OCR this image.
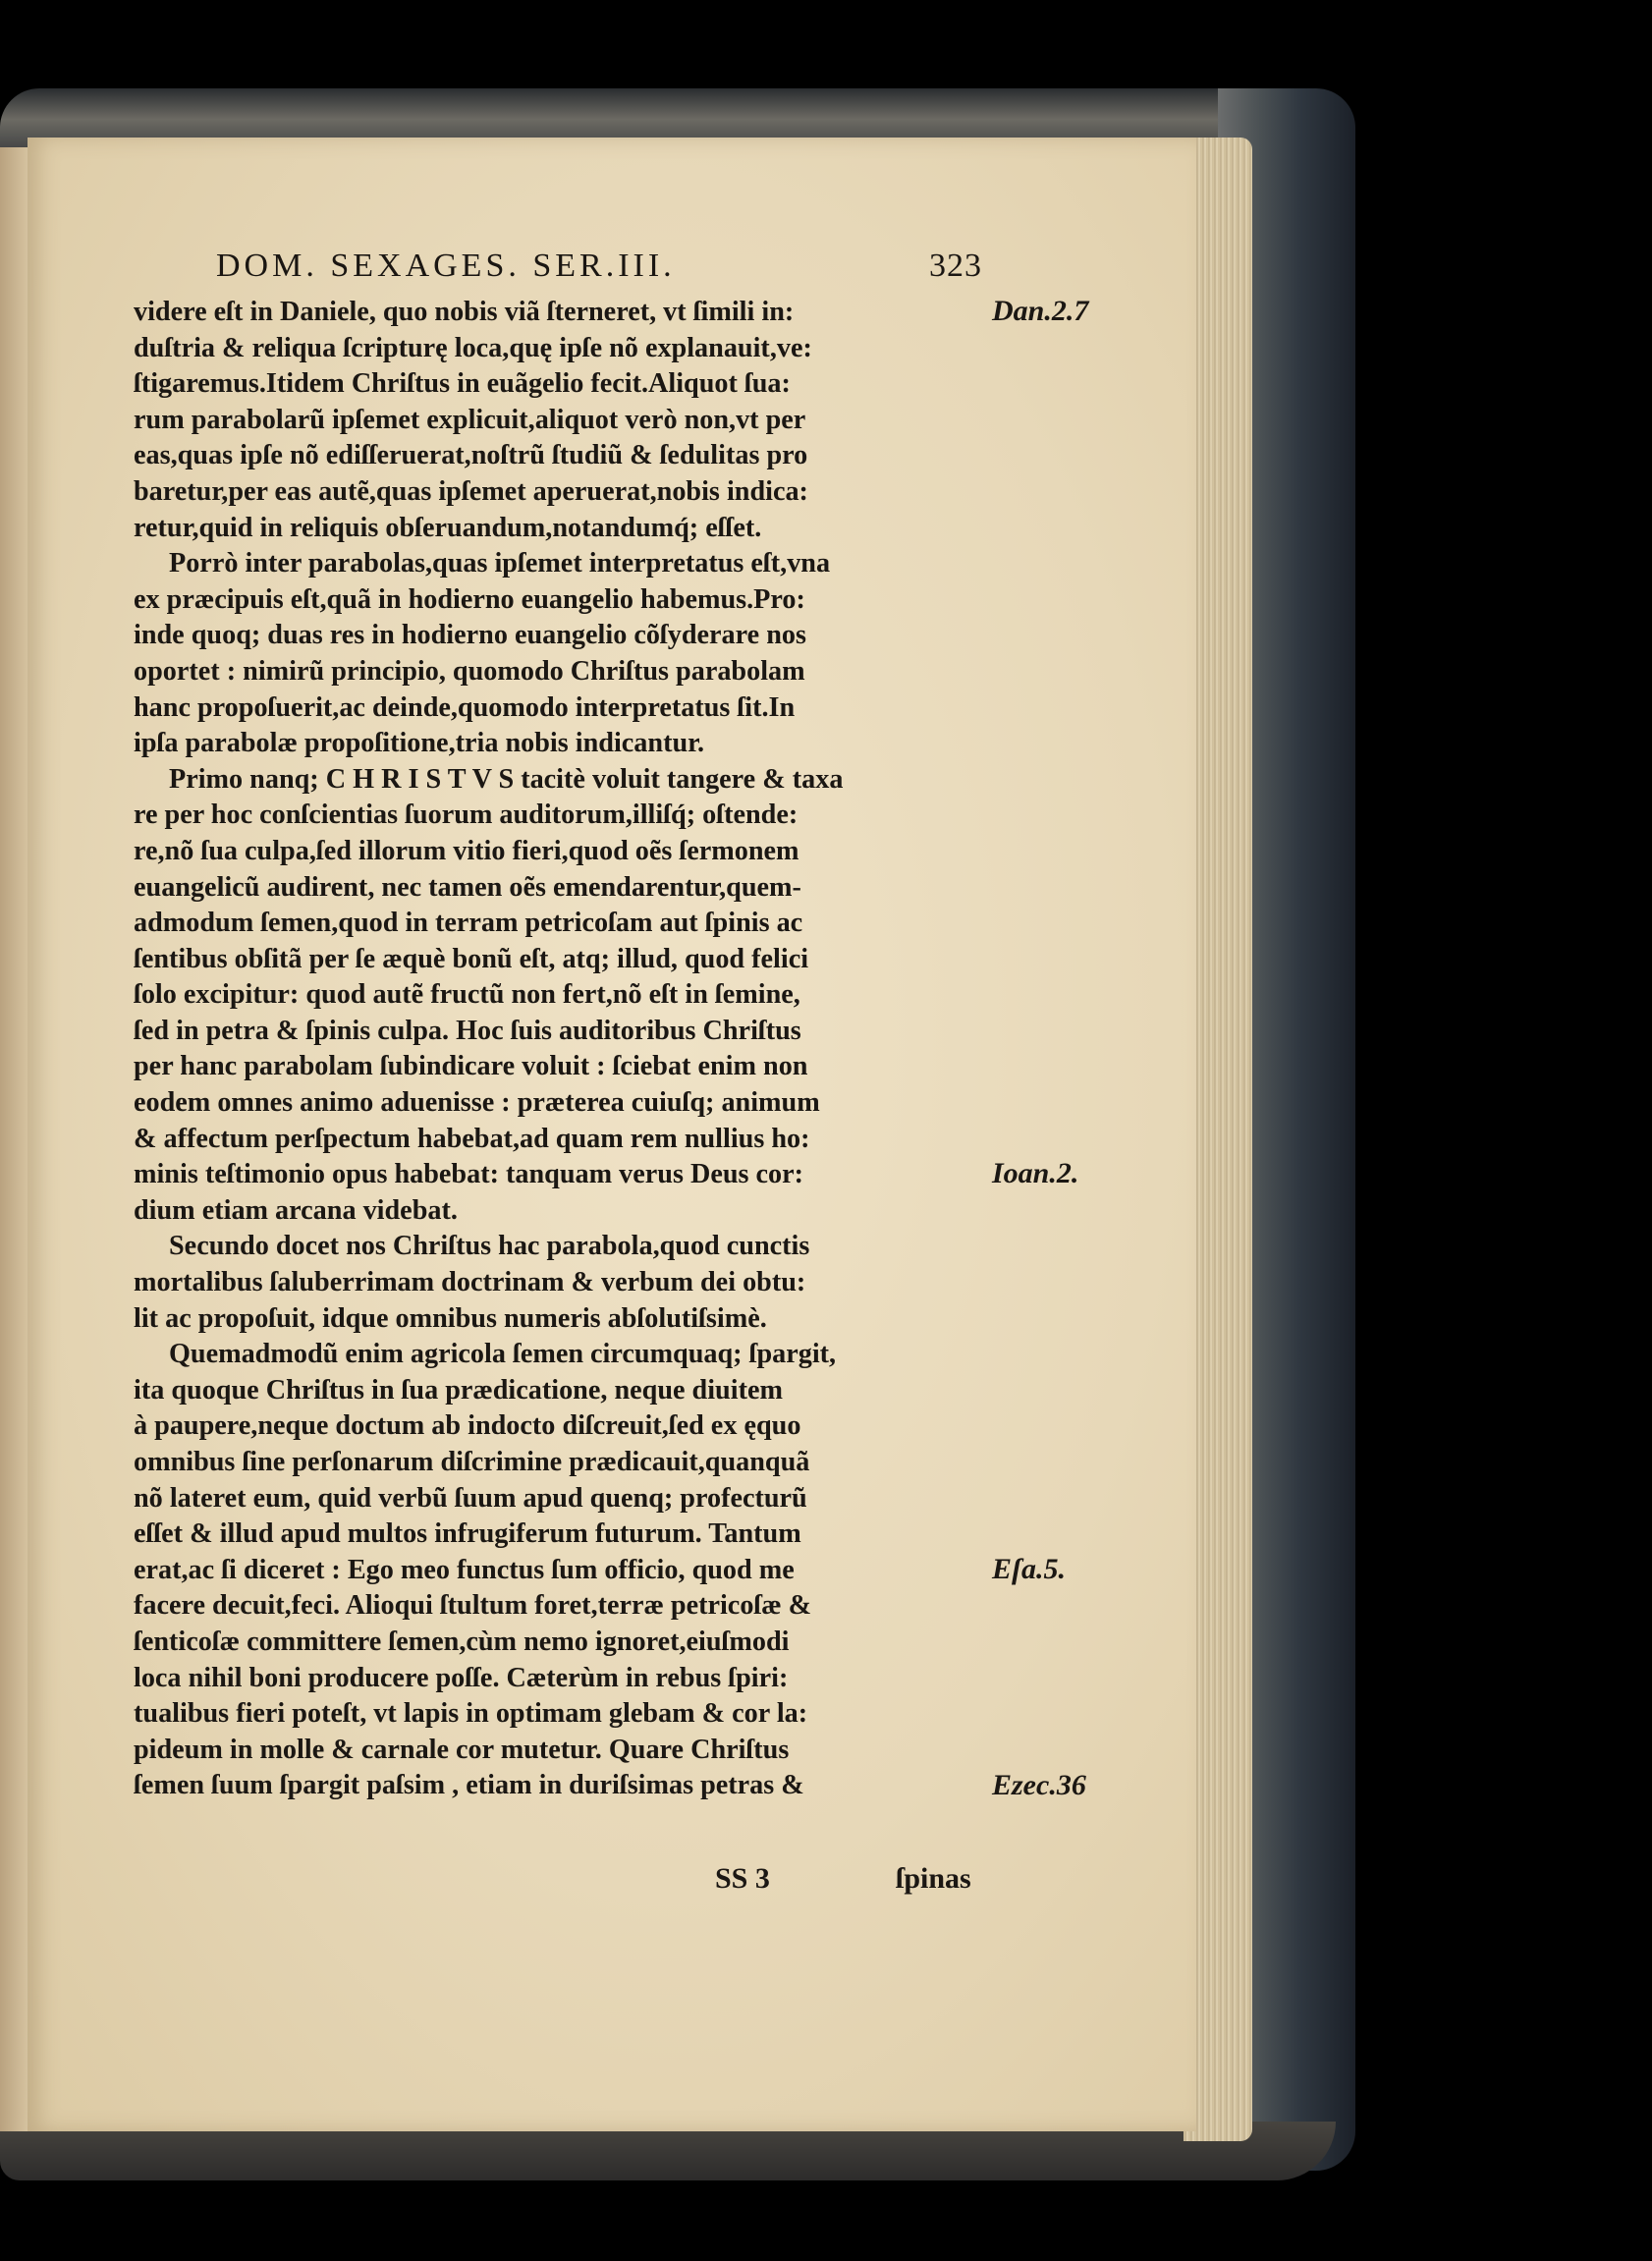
DOM. SEXAGES. SER.III.	323
videre eſt in Daniele, quo nobis viã ſterneret, vt ſimili in:
duſtria & reliqua ſcripturę loca,quę ipſe nõ explanauit,ve:
ſtigaremus.Itidem Chriſtus in euãgelio fecit.Aliquot ſua:
rum parabolarũ ipſemet explicuit,aliquot verò non,vt per
eas,quas ipſe nõ ediſſeruerat,noſtrũ ſtudiũ & ſedulitas pro
baretur,per eas autẽ,quas ipſemet aperuerat,nobis indica:
retur,quid in reliquis obſeruandum,notandumq́; eſſet.
Porrò inter parabolas,quas ipſemet interpretatus eſt,vna
ex præcipuis eſt,quã in hodierno euangelio habemus.Pro:
inde quoq; duas res in hodierno euangelio cõſyderare nos
oportet : nimirũ principio, quomodo Chriſtus parabolam
hanc propoſuerit,ac deinde,quomodo interpretatus ſit.In
ipſa parabolæ propoſitione,tria nobis indicantur.
Primo nanq; C H R I S T V S tacitè voluit tangere & taxa
re per hoc conſcientias ſuorum auditorum,illiſq́; oſtende:
re,nõ ſua culpa,ſed illorum vitio fieri,quod oẽs ſermonem
euangelicũ audirent, nec tamen oẽs emendarentur,quem-
admodum ſemen,quod in terram petricoſam aut ſpinis ac
ſentibus obſitã per ſe æquè bonũ eſt, atq; illud, quod felici
ſolo excipitur: quod autẽ fructũ non fert,nõ eſt in ſemine,
ſed in petra & ſpinis culpa. Hoc ſuis auditoribus Chriſtus
per hanc parabolam ſubindicare voluit : ſciebat enim non
eodem omnes animo aduenisse : præterea cuiuſq; animum
& affectum perſpectum habebat,ad quam rem nullius ho:
minis teſtimonio opus habebat: tanquam verus Deus cor:
dium etiam arcana videbat.
Secundo docet nos Chriſtus hac parabola,quod cunctis
mortalibus ſaluberrimam doctrinam & verbum dei obtu:
lit ac propoſuit, idque omnibus numeris abſolutiſsimè.
Quemadmodũ enim agricola ſemen circumquaq; ſpargit,
ita quoque Chriſtus in ſua prædicatione, neque diuitem
à paupere,neque doctum ab indocto diſcreuit,ſed ex ęquo
omnibus ſine perſonarum diſcrimine prædicauit,quanquã
nõ lateret eum, quid verbũ ſuum apud quenq; profecturũ
eſſet & illud apud multos infrugiferum futurum. Tantum
erat,ac ſi diceret : Ego meo functus ſum officio, quod me
facere decuit,feci. Alioqui ſtultum foret,terræ petricoſæ &
ſenticoſæ committere ſemen,cùm nemo ignoret,eiuſmodi
loca nihil boni producere poſſe. Cæterùm in rebus ſpiri:
tualibus fieri poteſt, vt lapis in optimam glebam & cor la:
pideum in molle & carnale cor mutetur. Quare Chriſtus
ſemen ſuum ſpargit paſsim , etiam in duriſsimas petras &
Dan.2.7
Ioan.2.
Eſa.5.
Ezec.36
SS 3	ſpinas
